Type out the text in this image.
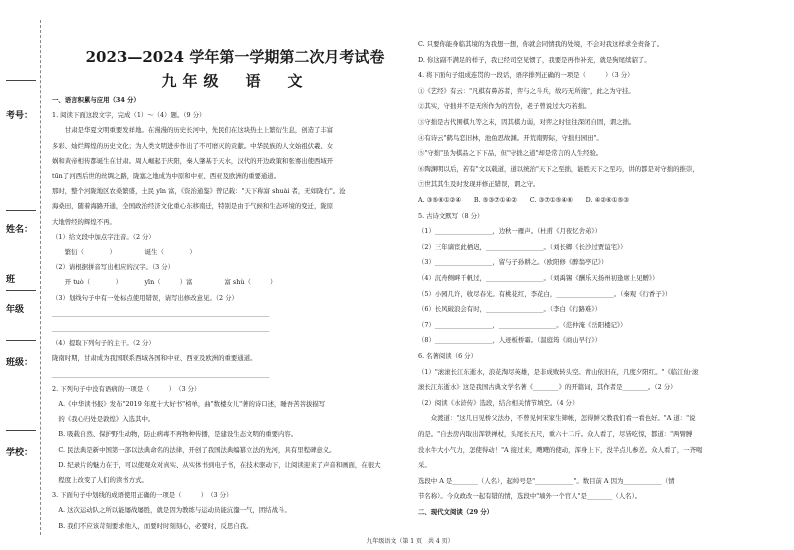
考号：
姓名：
班
年级
班级：
学校：
2023—2024 学年第一学期第二次月考试卷
九年级　语　文
一、语言积累与应用（34 分）
1. 阅读下面这段文字，完成（1）～（4）题。（9 分）
　　甘肃是华夏文明重要发祥地。在漫漫的历史长河中，先民们在这块热土上繁衍生息，创造了丰富
多彩、灿烂辉煌的历史文化；为人类文明进步作出了不可磨灭的贡献。中华民族的人文始祖伏羲、女
娲和黄帝相传都诞生在甘肃。周人崛起于庆阳，秦人肇基于天水，汉代的开边政策和张骞出使西域开
tūn了河西后世的丝绸之路，陇塞之地成为中原和中亚、西亚及欧洲的重要通道。
那时，整个河陇地区农桑繁盛，土民 yīn 富，《资治通鉴》曾记载："天下称富 shuài 者，无如陇右"。沧
海桑田，随着海路开通，全国政治经济文化重心东移南迁，特别是由于气候和生态环境的变迁，陇原
大地曾经的辉煌不再。
（1）给文段中加点字注音。（2 分）
　　繁衍（　　　　）　　　　　诞生（　　　　）
（2）请根据拼音写出相应的汉字。（3 分）
　　开 tuò（　　　　）　　　　yīn（　　　）富　　　　　富 shù（　　　）
（3）划线句子中有一处标点使用错误，请写出修改意见。（2 分）
____________________________________________________________________
____________________________________________________________________
（4）提取下列句子的主干。（2 分）
陇南时期，甘肃成为我国联系西域各国和中亚、西亚及欧洲的重要通道。
____________________________________________________________________
2. 下列句子中没有语病的一项是（　　　）　（3 分）
　A.《中华读书报》发布"2019 年度十大好书"榜单，曲"数楼女儿"著的诗口述，睡吾苦菩拔描写
　的《我心归处是敦煌》入选其中。
　B. 吸载自然、保护野生动物，防止病毒不再物种传播，是建设生态文明的重要内容。
　C. 民法典是新中国第一部以法典命名的法律，开创了我国法典编纂立法的先河，具有里程碑意义。
　D. 纪录片的魅力在于，可以使观众对真实、从实体书到电子书，在技术驱动下，让阅读迎来了声音和画面，在很大
　程度上改变了人们的读书方式。
3. 下面句子中划线的成语使用正确的一项是（　　　）　（3 分）
　A. 这次运动队之所以能屡战屡胜，就是因为教练与运动员能沆瀣一气，团结战斗。
　B. 我们不应该苛刻要求他人，而要时时刻刻心，必要时，反思自我。
C. 只要你能身临其境的为我想一想，你就会同情我的处境，不会对我这样求全责备了。
D. 你这副不满足的样子，我已经司空见惯了，我要是再作补充，就是狗尾续貂了。
4. 将下面句子组成连贯的一段话，语序排列正确的一项是（　　　）（3 分）
①《艺经》有云："凡棋有鼻苏者，弈与之斗兵，故巧无所施"，此之为守挂。
②其实，守拙并不是无所作为的宫份，老子曾说过大巧若拙。
③守拙是古代围棋九等之末，因其棋力弱，对弈之时往往深闭自固，谓之拙。
④有诗云"鹤鸟恋旧林，池鱼思故渊。开荒南野际，守拙归园田"。
⑤"守拙"虽为棋品之下下品，但"守拙之道"却是常言的人生经验。
⑥陶渊明以后，若有"文以载道，道以统治"天下之至拙，能胜天下之至巧，讲的都是对守拙的推崇，
⑦世其其生及时发现并修正错误，谓之守。
A. ③⑤⑥①②④　　B. ⑤③⑦①④②　　C. ③⑦①⑤④⑥　　D. ④②⑥①⑤③
5. 古诗文默写（8 分）
（1）__________________，边秋一雁声。（杜甫《月夜忆舍弟》）
（2）三年谪宦此栖迟，__________________。（刘长卿《长沙过贾谊宅》）
（3）__________________，留与子孙耕之。（欧阳修《醉翁亭记》）
（4）沉舟侧畔千帆过，__________________。（刘禹锡《酬乐天扬州初逢席上见赠》）
（5）小园几许，收尽春光。有桃花红，李花白，__________________。（秦观《行香子》）
（6）长风破浪会有时，__________________。（李白《行路难》）
（7）__________________，__________________。（范仲淹《岳阳楼记》）
（8）__________________，人迹板桥霜。（温庭筠《商山早行》）
6. 名著阅读（6 分）
（1）"滚滚长江东逝水，浪花淘尽英雄，是非成败转头空。青山依旧在，几度夕阳红。"《临江仙·滚
滚长江东逝水》这是我国古典文学名著《________》的开篇词，其作者是________。（2 分）
（2）阅读《水浒传》选段，结合相关情节填空。（4 分）
　　众渡道："这几日见桥父法办，不曾见何宋家生筛帐，怎得鲜父教我们看一看也好。"A 道："说
的是。"自去房内取出浑铁禅杖，头尾长五尺，重六十二斤。众人看了，尽皆吃惊，都道："两臂膊
没水牛大小气力，怎使得动！"A 接过来，飕飕的使动，浑身上下，没半点儿参差。众人看了，一齐喝
采。
选段中 A 是________（人名），起绰号是"____________"。数目前 A 因为____________（情
节名称）。今众政改一起有错的情，选段中"墙外一个官人"是________（人名）。
二、现代文阅读（29 分）
九年级语文（第 1 页　共 4 页）
